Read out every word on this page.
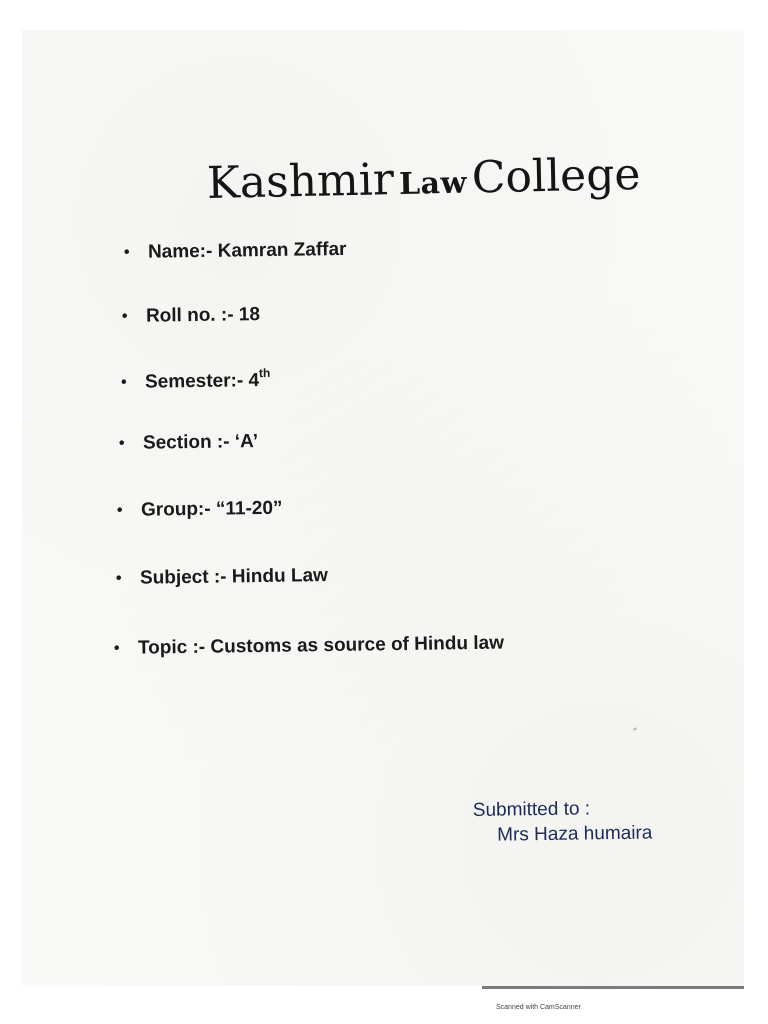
Kashmir Law College
• Name:- Kamran Zaffar
• Roll no. :- 18
• Semester:- 4th
• Section :- ‘A’
• Group:- “11-20”
• Subject :- Hindu Law
• Topic :- Customs as source of Hindu law
Submitted to :
Mrs Haza humaira
Scanned with CamScanner
